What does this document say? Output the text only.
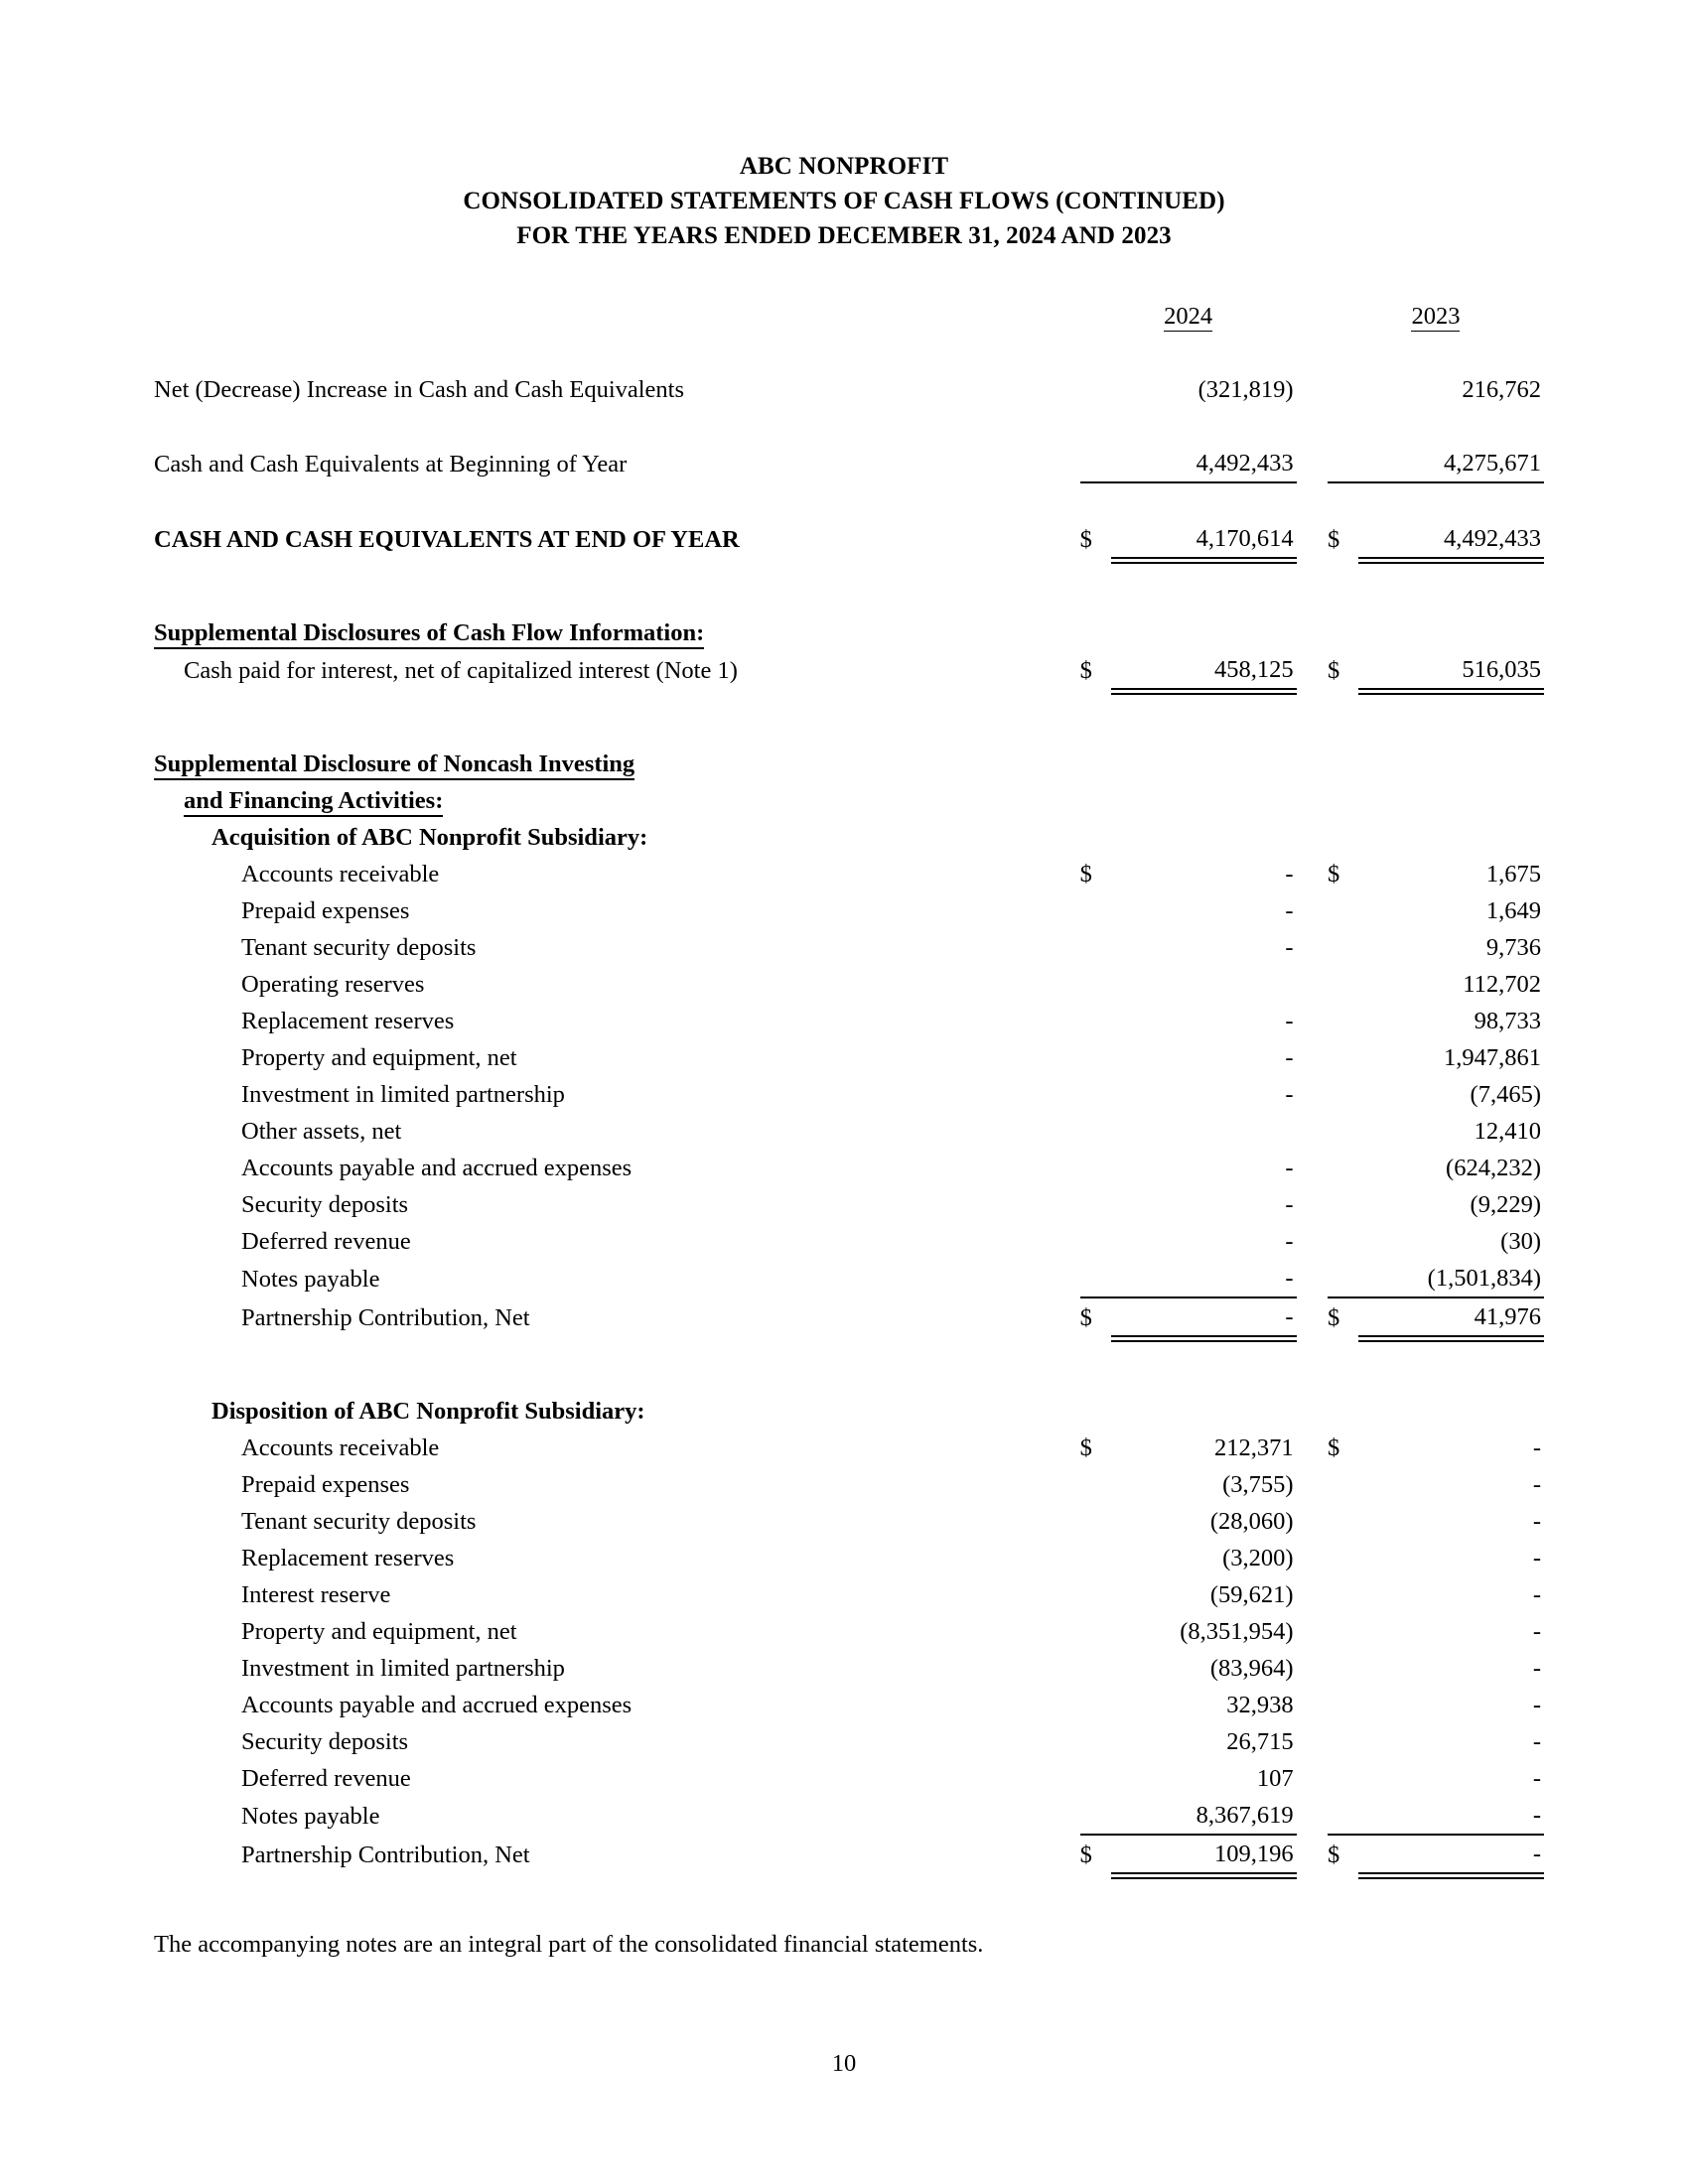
ABC NONPROFIT
CONSOLIDATED STATEMENTS OF CASH FLOWS (CONTINUED)
FOR THE YEARS ENDED DECEMBER 31, 2024 AND 2023
	2024			2023	

Net (Decrease) Increase in Cash and Cash Equivalents		(321,819)			216,762

Cash and Cash Equivalents at Beginning of Year		4,492,433			4,275,671

CASH AND CASH EQUIVALENTS AT END OF YEAR	$	4,170,614		$	4,492,433

Supplemental Disclosures of Cash Flow Information:					
Cash paid for interest, net of capitalized interest (Note 1)	$	458,125		$	516,035

Supplemental Disclosure of Noncash Investing					
and Financing Activities:					
Acquisition of ABC Nonprofit Subsidiary:					
Accounts receivable	$	-		$	1,675
Prepaid expenses		-			1,649
Tenant security deposits		-			9,736
Operating reserves					112,702
Replacement reserves		-			98,733
Property and equipment, net		-			1,947,861
Investment in limited partnership		-			(7,465)
Other assets, net					12,410
Accounts payable and accrued expenses		-			(624,232)
Security deposits		-			(9,229)
Deferred revenue		-			(30)
Notes payable		-			(1,501,834)
Partnership Contribution, Net	$	-		$	41,976

Disposition of ABC Nonprofit Subsidiary:					
Accounts receivable	$	212,371		$	-
Prepaid expenses		(3,755)			-
Tenant security deposits		(28,060)			-
Replacement reserves		(3,200)			-
Interest reserve		(59,621)			-
Property and equipment, net		(8,351,954)			-
Investment in limited partnership		(83,964)			-
Accounts payable and accrued expenses		32,938			-
Security deposits		26,715			-
Deferred revenue		107			-
Notes payable		8,367,619			-
Partnership Contribution, Net	$	109,196		$	-
The accompanying notes are an integral part of the consolidated financial statements.
10
